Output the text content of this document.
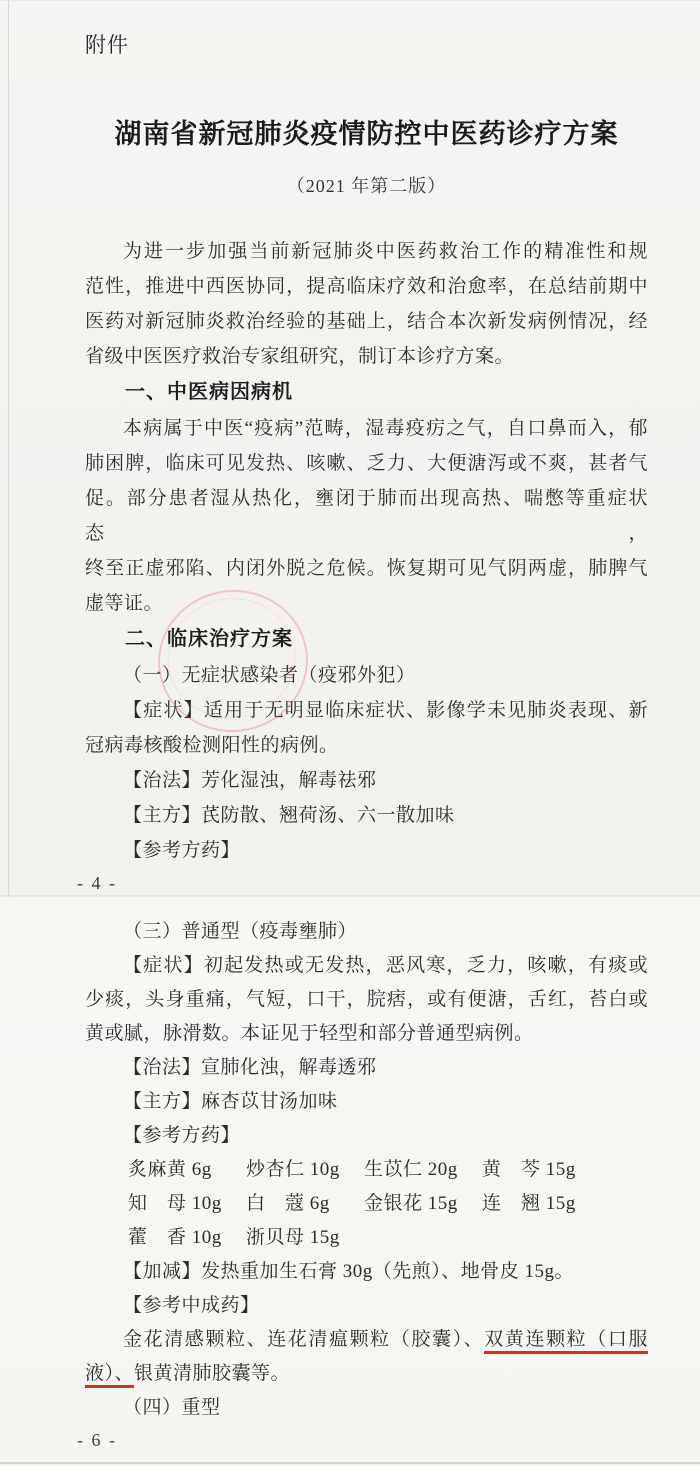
附件
湖南省新冠肺炎疫情防控中医药诊疗方案
（2021 年第二版）
为进一步加强当前新冠肺炎中医药救治工作的精准性和规
范性，推进中西医协同，提高临床疗效和治愈率，在总结前期中
医药对新冠肺炎救治经验的基础上，结合本次新发病例情况，经
省级中医医疗救治专家组研究，制订本诊疗方案。
一、中医病因病机
本病属于中医“疫病”范畴，湿毒疫疠之气，自口鼻而入，郁
肺困脾，临床可见发热、咳嗽、乏力、大便溏泻或不爽，甚者气
促。部分患者湿从热化，壅闭于肺而出现高热、喘憋等重症状态，
终至正虚邪陷、内闭外脱之危候。恢复期可见气阴两虚，肺脾气
虚等证。
二、临床治疗方案
（一）无症状感染者（疫邪外犯）
【症状】适用于无明显临床症状、影像学未见肺炎表现、新
冠病毒核酸检测阳性的病例。
【治法】芳化湿浊，解毒祛邪
【主方】芪防散、翘荷汤、六一散加味
【参考方药】
- 4 -
（三）普通型（疫毒壅肺）
【症状】初起发热或无发热，恶风寒，乏力，咳嗽，有痰或
少痰，头身重痛，气短，口干，脘痞，或有便溏，舌红，苔白或
黄或腻，脉滑数。本证见于轻型和部分普通型病例。
【治法】宣肺化浊，解毒透邪
【主方】麻杏苡甘汤加味
【参考方药】
炙麻黄 6g	炒杏仁 10g	生苡仁 20g	黄　芩 15g
知　母 10g	白　蔻 6g	金银花 15g	连　翘 15g
藿　香 10g	浙贝母 15g
【加减】发热重加生石膏 30g（先煎）、地骨皮 15g。
【参考中成药】
金花清感颗粒、连花清瘟颗粒（胶囊）、双黄连颗粒（口服
液）、银黄清肺胶囊等。
（四）重型
- 6 -
